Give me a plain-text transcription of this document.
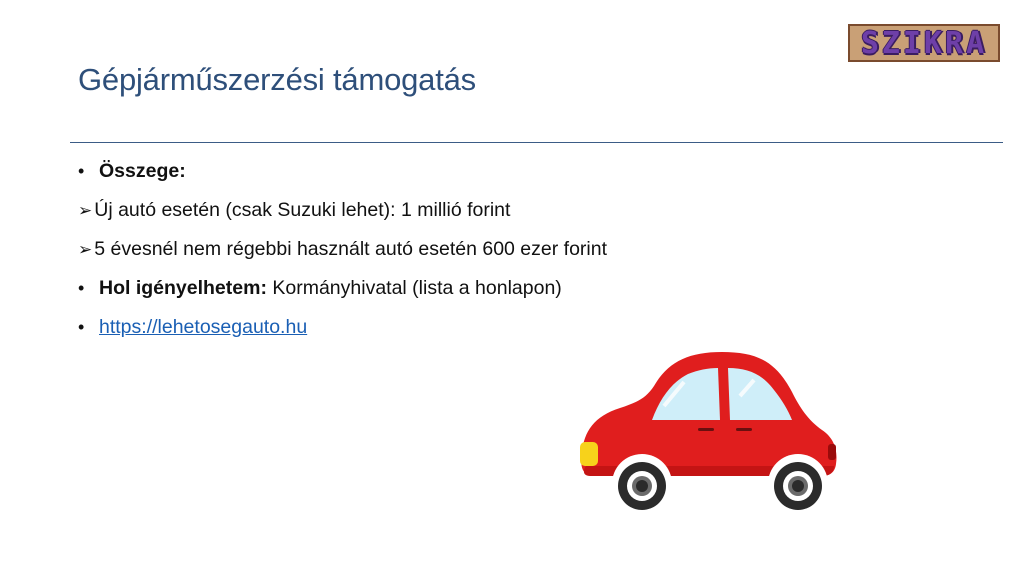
SZIKRA
Gépjárműszerzési támogatás
• Összege:
➢ Új autó esetén (csak Suzuki lehet): 1 millió forint
➢ 5 évesnél nem régebbi használt autó esetén 600 ezer forint
• Hol igényelhetem: Kormányhivatal (lista a honlapon)
• https://lehetosegauto.hu
